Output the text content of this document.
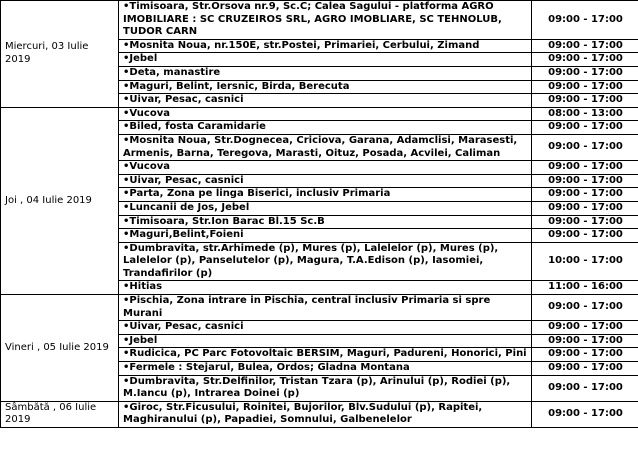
Miercuri, 03 Iulie 2019	•Timisoara, Str.Orsova nr.9, Sc.C; Calea Sagului - platforma AGRO IMOBILIARE : SC CRUZEIROS SRL, AGRO IMOBLIARE, SC TEHNOLUB, TUDOR CARN	09:00 - 17:00
	•Mosnita Noua, nr.150E, str.Postei, Primariei, Cerbului, Zimand	09:00 - 17:00
	•Jebel	09:00 - 17:00
	•Deta, manastire	09:00 - 17:00
	•Maguri, Belint, Iersnic, Birda, Berecuta	09:00 - 17:00
	•Uivar, Pesac, casnici	09:00 - 17:00
Joi , 04 Iulie 2019	•Vucova	08:00 - 13:00
	•Biled, fosta Caramidarie	09:00 - 17:00
	•Mosnita Noua, Str.Dognecea, Criciova, Garana, Adamclisi, Marasesti, Armenis, Barna, Teregova, Marasti, Oituz, Posada, Acvilei, Caliman	09:00 - 17:00
	•Vucova	09:00 - 17:00
	•Uivar, Pesac, casnici	09:00 - 17:00
	•Parta, Zona pe linga Biserici, inclusiv Primaria	09:00 - 17:00
	•Luncanii de Jos, Jebel	09:00 - 17:00
	•Timisoara, Str.Ion Barac Bl.15 Sc.B	09:00 - 17:00
	•Maguri,Belint,Foieni	09:00 - 17:00
	•Dumbravita, str.Arhimede (p), Mures (p), Lalelelor (p), Mures (p), Lalelelor (p), Panselutelor (p), Magura, T.A.Edison (p), Iasomiei, Trandafirilor (p)	10:00 - 17:00
	•Hitias	11:00 - 16:00
Vineri , 05 Iulie 2019	•Pischia, Zona intrare in Pischia, central inclusiv Primaria si spre Murani	09:00 - 17:00
	•Uivar, Pesac, casnici	09:00 - 17:00
	•Jebel	09:00 - 17:00
	•Rudicica, PC Parc Fotovoltaic BERSIM, Maguri, Padureni, Honorici, Pini	09:00 - 17:00
	•Fermele : Stejarul, Bulea, Ordos; Gladna Montana	09:00 - 17:00
	•Dumbravita, Str.Delfinilor, Tristan Tzara (p), Arinului (p), Rodiei (p), M.Iancu (p), Intrarea Doinei (p)	09:00 - 17:00
Sâmbătă , 06 Iulie 2019	•Giroc, Str.Ficusului, Roinitei, Bujorilor, Blv.Sudului (p), Rapitei, Maghiranului (p), Papadiei, Somnului, Galbenelelor	09:00 - 17:00
